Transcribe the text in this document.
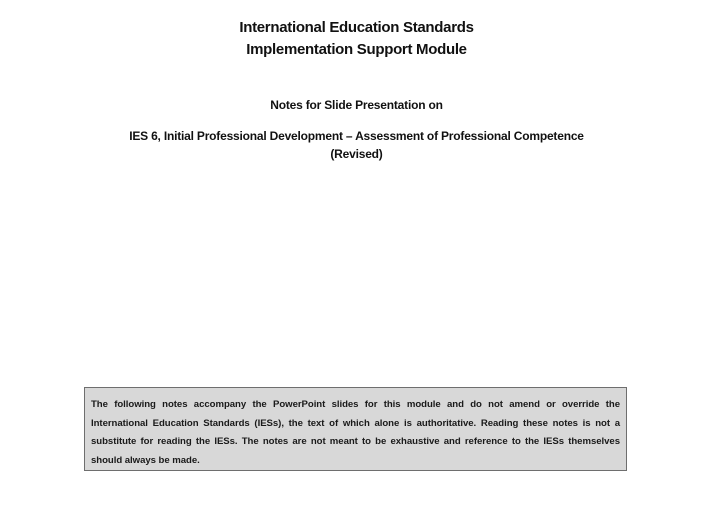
International Education Standards
Implementation Support Module
Notes for Slide Presentation on
IES 6, Initial Professional Development – Assessment of Professional Competence (Revised)
The following notes accompany the PowerPoint slides for this module and do not amend or override the International Education Standards (IESs), the text of which alone is authoritative. Reading these notes is not a substitute for reading the IESs. The notes are not meant to be exhaustive and reference to the IESs themselves should always be made.
